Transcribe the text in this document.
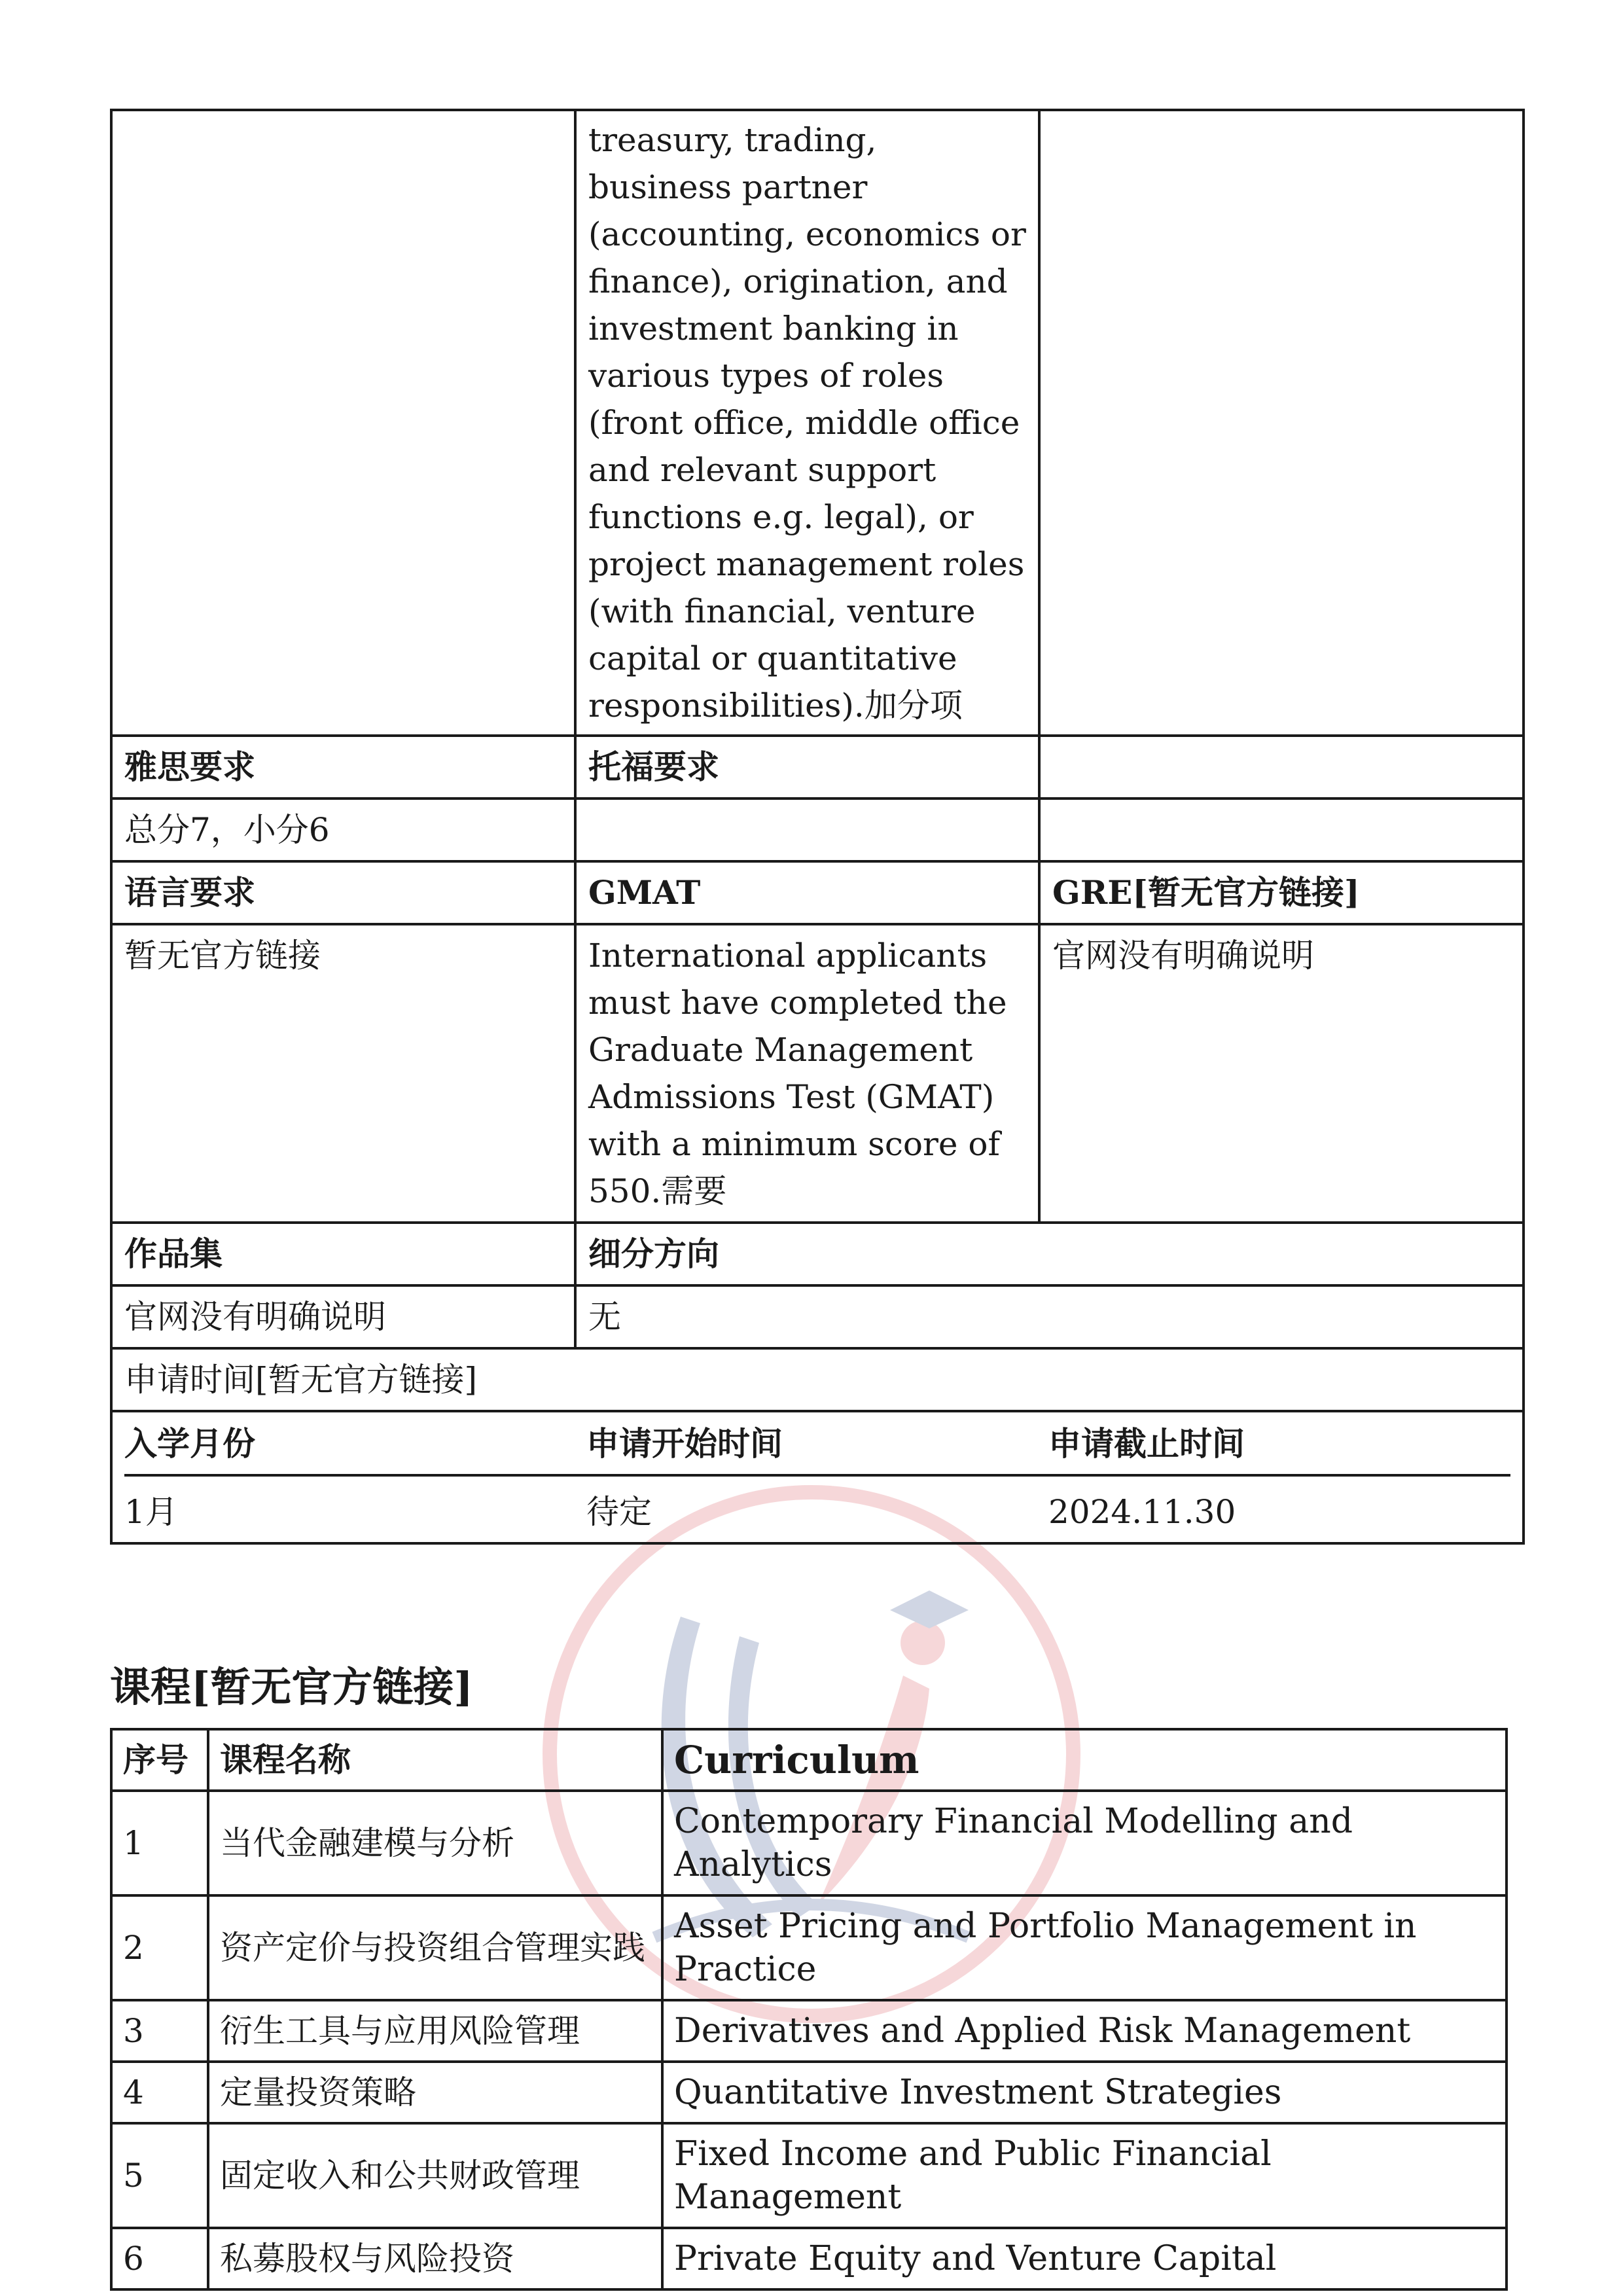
	treasury, trading, business partner (accounting, economics or finance), origination, and investment banking in various types of roles (front office, middle office and relevant support functions e.g. legal), or project management roles (with financial, venture capital or quantitative responsibilities).加分项	
雅思要求	托福要求	
总分7，小分6		
语言要求	GMAT	GRE[暂无官方链接]
暂无官方链接	International applicants must have completed the Graduate Management Admissions Test (GMAT) with a minimum score of 550.需要	官网没有明确说明
作品集	细分方向
官网没有明确说明	无
申请时间[暂无官方链接]

入学月份	申请开始时间	申请截止时间
1月	待定	2024.11.30
课程[暂无官方链接]
序号	课程名称	Curriculum
1	当代金融建模与分析	Contemporary Financial Modelling and Analytics
2	资产定价与投资组合管理实践	Asset Pricing and Portfolio Management in Practice
3	衍生工具与应用风险管理	Derivatives and Applied Risk Management
4	定量投资策略	Quantitative Investment Strategies
5	固定收入和公共财政管理	Fixed Income and Public Financial Management
6	私募股权与风险投资	Private Equity and Venture Capital
